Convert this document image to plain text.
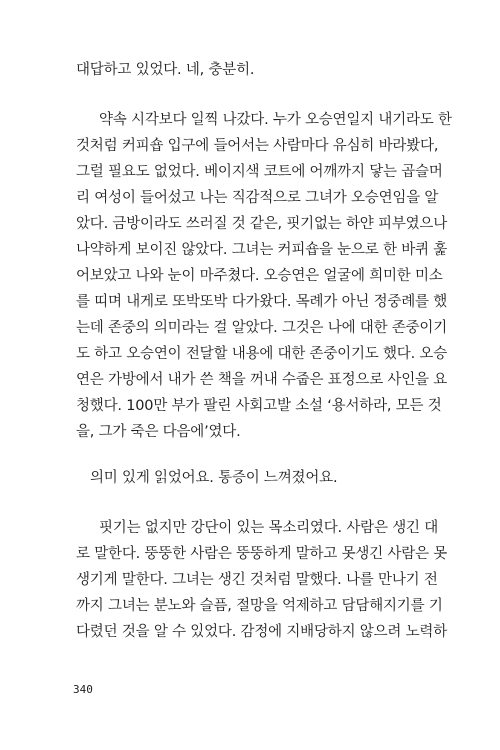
대답하고 있었다. 네, 충분히.
약속 시각보다 일찍 나갔다. 누가 오승연일지 내기라도 한
것처럼 커피숍 입구에 들어서는 사람마다 유심히 바라봤다,
그럴 필요도 없었다. 베이지색 코트에 어깨까지 닿는 곱슬머
리 여성이 들어섰고 나는 직감적으로 그녀가 오승연임을 알
았다. 금방이라도 쓰러질 것 같은, 핏기없는 하얀 피부였으나
나약하게 보이진 않았다. 그녀는 커피숍을 눈으로 한 바퀴 훑
어보았고 나와 눈이 마주쳤다. 오승연은 얼굴에 희미한 미소
를 띠며 내게로 또박또박 다가왔다. 목례가 아닌 정중례를 했
는데 존중의 의미라는 걸 알았다. 그것은 나에 대한 존중이기
도 하고 오승연이 전달할 내용에 대한 존중이기도 했다. 오승
연은 가방에서 내가 쓴 책을 꺼내 수줍은 표정으로 사인을 요
청했다. 100만 부가 팔린 사회고발 소설 ‘용서하라, 모든 것
을, 그가 죽은 다음에’였다.
의미 있게 읽었어요. 통증이 느껴졌어요.
핏기는 없지만 강단이 있는 목소리였다. 사람은 생긴 대
로 말한다. 뚱뚱한 사람은 뚱뚱하게 말하고 못생긴 사람은 못
생기게 말한다. 그녀는 생긴 것처럼 말했다. 나를 만나기 전
까지 그녀는 분노와 슬픔, 절망을 억제하고 담담해지기를 기
다렸던 것을 알 수 있었다. 감정에 지배당하지 않으려 노력하
340
